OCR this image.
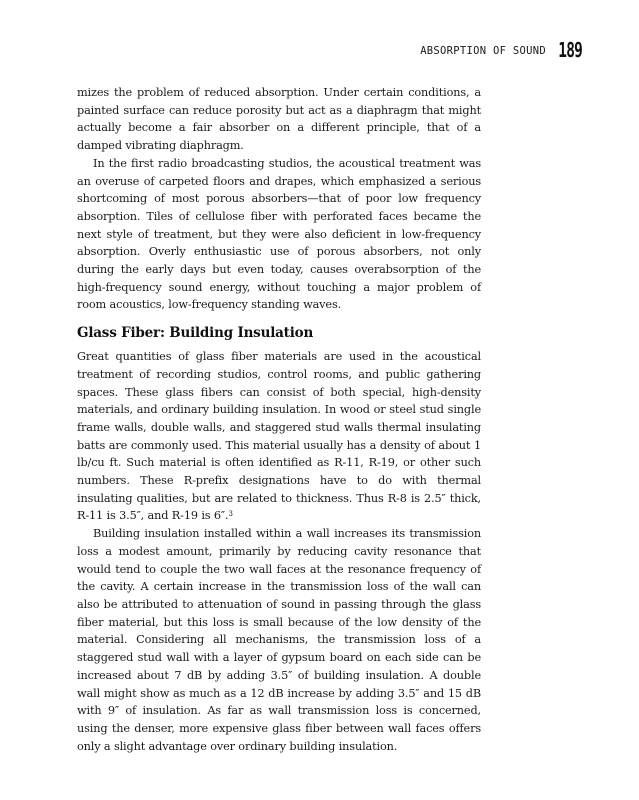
ABSORPTION OF SOUND 189

mizes the problem of reduced absorption. Under certain conditions, a painted surface can reduce porosity but act as a diaphragm that might actually become a fair absorber on a different principle, that of a damped vibrating diaphragm.

In the first radio broadcasting studios, the acoustical treatment was an overuse of carpeted floors and drapes, which emphasized a serious shortcoming of most porous absorbers—that of poor low frequency absorption. Tiles of cellulose fiber with perforated faces became the next style of treatment, but they were also deficient in low-frequency absorption. Overly enthusiastic use of porous absorbers, not only during the early days but even today, causes overabsorption of the high-frequency sound energy, without touching a major problem of room acoustics, low-frequency standing waves.

Glass Fiber: Building Insulation

Great quantities of glass fiber materials are used in the acoustical treatment of recording studios, control rooms, and public gathering spaces. These glass fibers can consist of both special, high-density materials, and ordinary building insulation. In wood or steel stud single frame walls, double walls, and staggered stud walls thermal insulating batts are commonly used. This material usually has a density of about 1 lb/cu ft. Such material is often identified as R-11, R-19, or other such numbers. These R-prefix designations have to do with thermal insulating qualities, but are related to thickness. Thus R-8 is 2.5″ thick, R-11 is 3.5″, and R-19 is 6″.$^3$

Building insulation installed within a wall increases its transmission loss a modest amount, primarily by reducing cavity resonance that would tend to couple the two wall faces at the resonance frequency of the cavity. A certain increase in the transmission loss of the wall can also be attributed to attenuation of sound in passing through the glass fiber material, but this loss is small because of the low density of the material. Considering all mechanisms, the transmission loss of a staggered stud wall with a layer of gypsum board on each side can be increased about 7 dB by adding 3.5″ of building insulation. A double wall might show as much as a 12 dB increase by adding 3.5″ and 15 dB with 9″ of insulation. As far as wall transmission loss is concerned, using the denser, more expensive glass fiber between wall faces offers only a slight advantage over ordinary building insulation.
